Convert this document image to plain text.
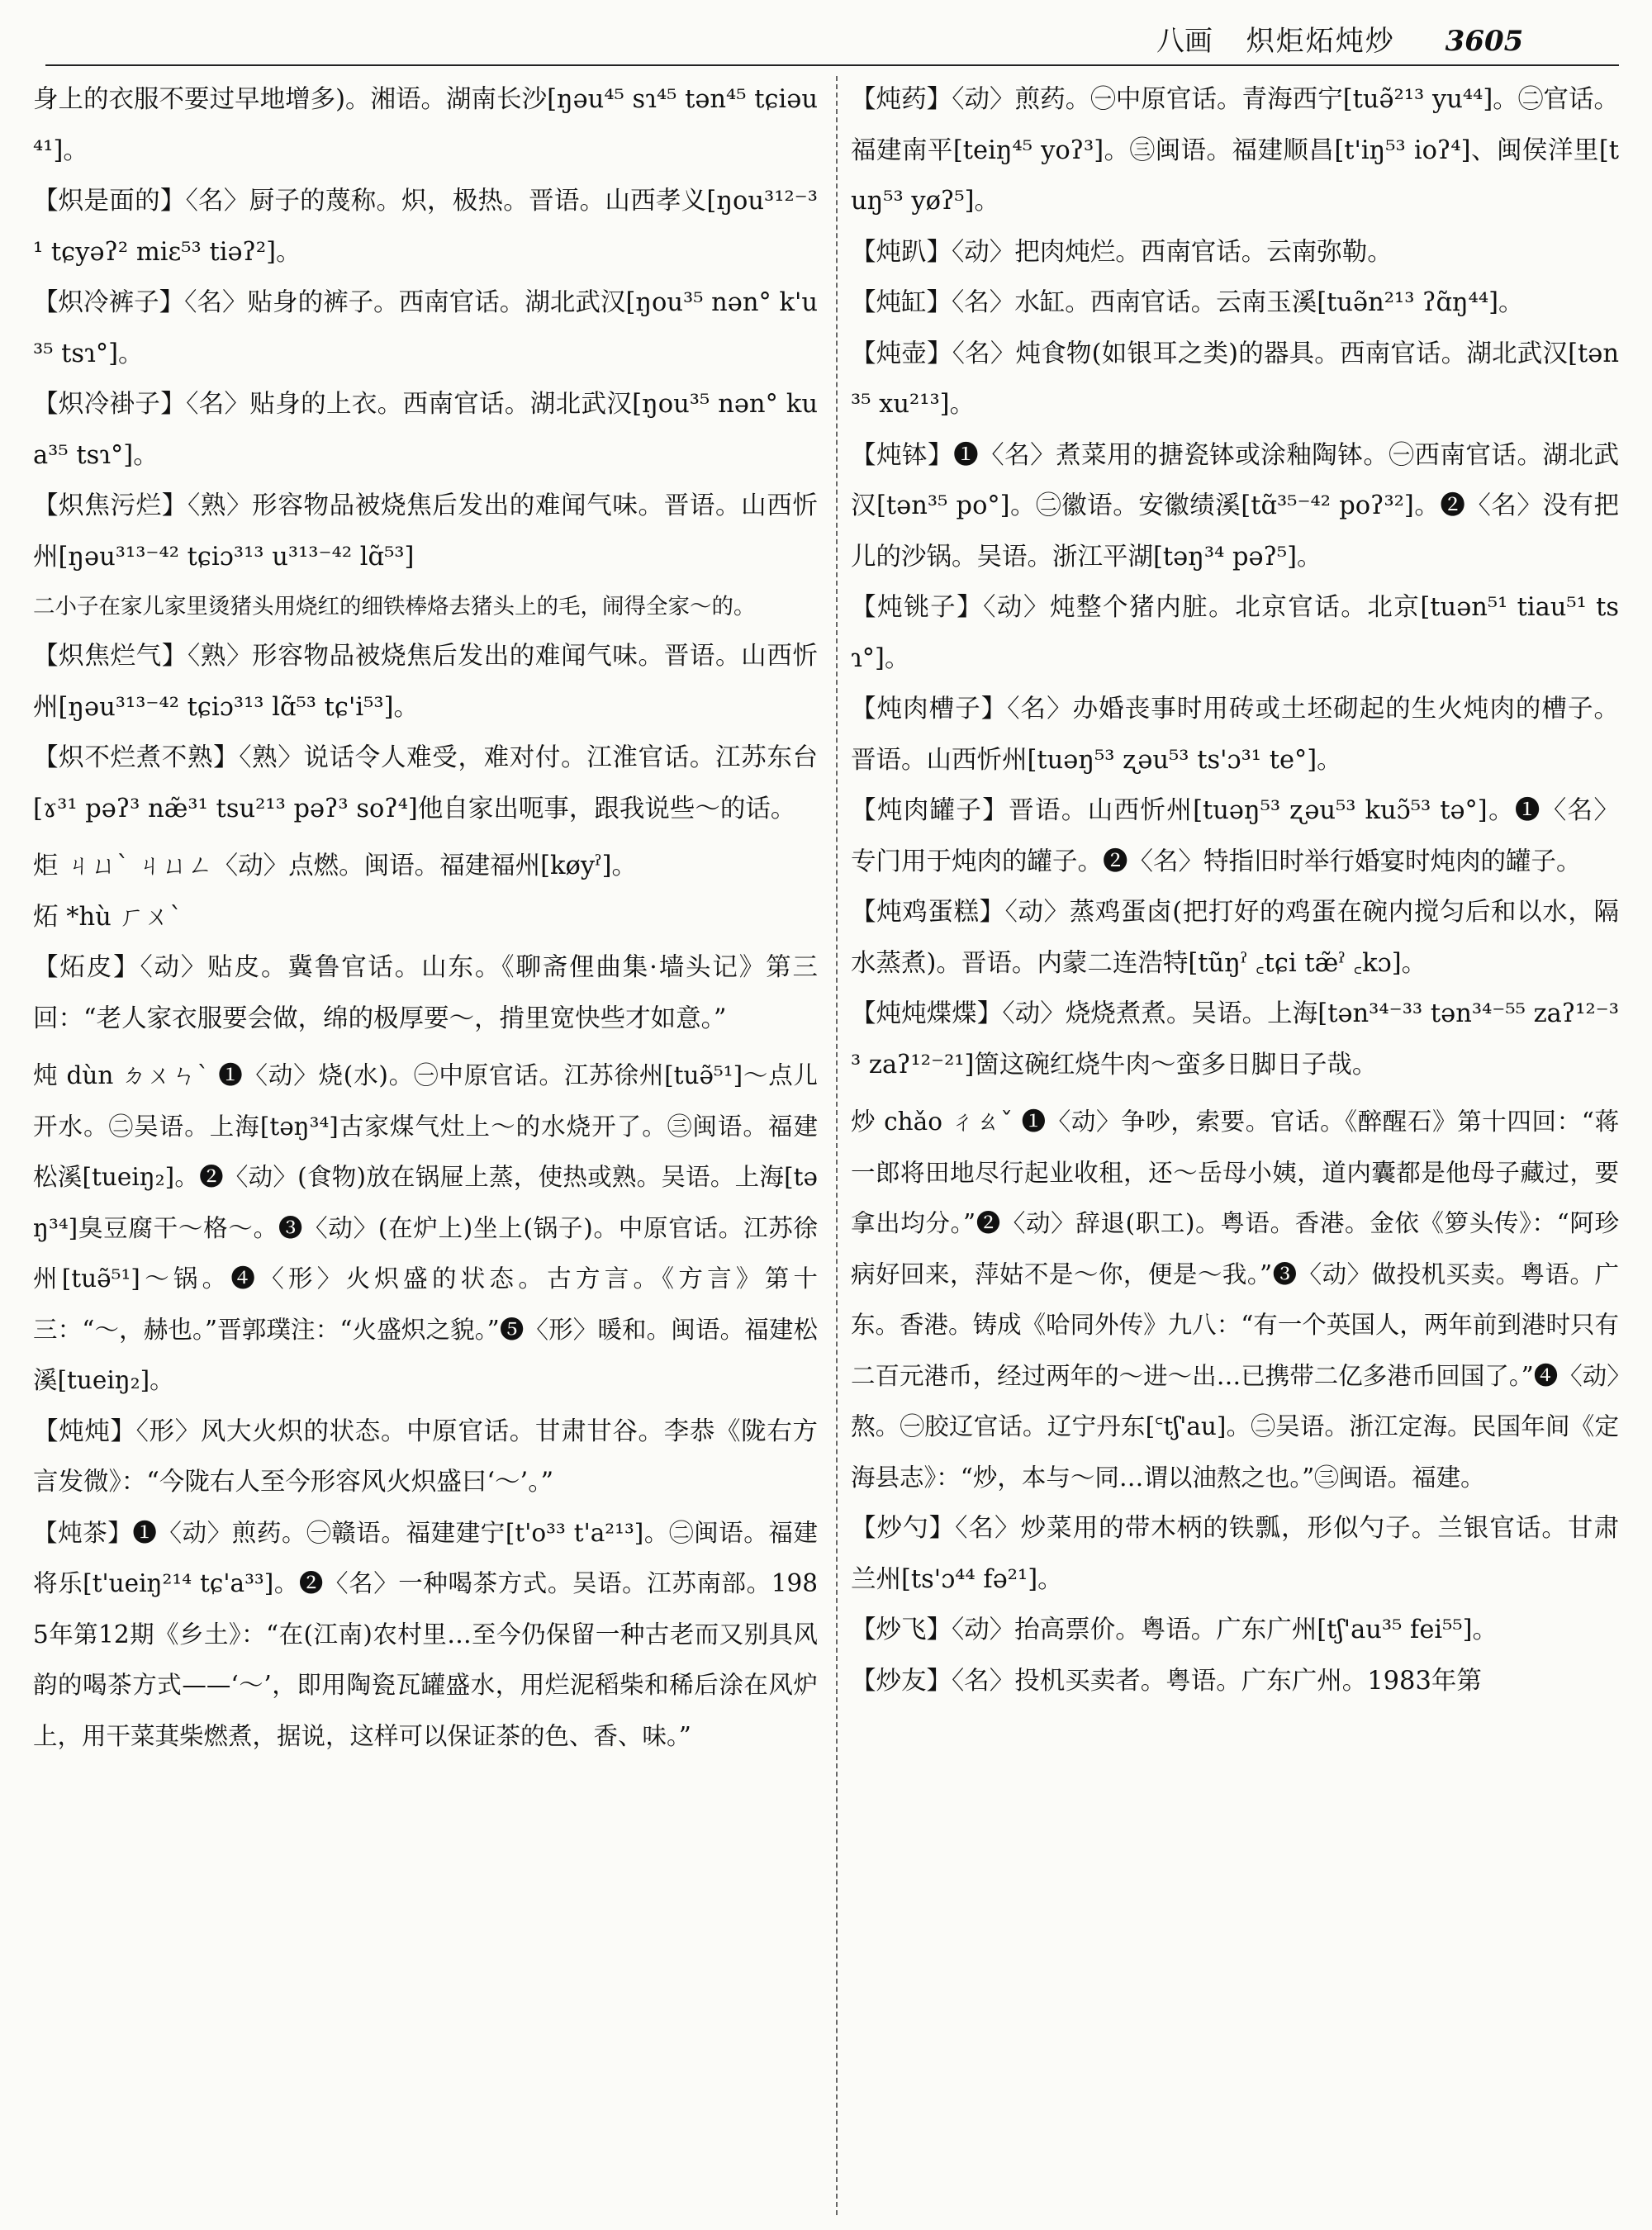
八画 炽炬炻炖炒 3605

身上的衣服不要过早地增多)。湘语。湖南长沙[ŋəu⁴⁵ sɿ⁴⁵ tən⁴⁵ tɕiəu⁴¹]。

【炽是面的】〈名〉厨子的蔑称。炽，极热。晋语。山西孝义[ŋou³¹²⁻³¹ tɕyəʔ² miɛ⁵³ tiəʔ²]。

【炽冷裤子】〈名〉贴身的裤子。西南官话。湖北武汉[ŋou³⁵ nən° k'u³⁵ tsɿ°]。

【炽冷褂子】〈名〉贴身的上衣。西南官话。湖北武汉[ŋou³⁵ nən° kua³⁵ tsɿ°]。

【炽焦污烂】〈熟〉形容物品被烧焦后发出的难闻气味。晋语。山西忻州[ŋəu³¹³⁻⁴² tɕiɔ³¹³ u³¹³⁻⁴² lɑ̃⁵³]

二小子在家儿家里烫猪头用烧红的细铁棒烙去猪头上的毛，闹得全家～的。

【炽焦烂气】〈熟〉形容物品被烧焦后发出的难闻气味。晋语。山西忻州[ŋəu³¹³⁻⁴² tɕiɔ³¹³ lɑ̃⁵³ tɕ'i⁵³]。

【炽不烂煮不熟】〈熟〉说话令人难受，难对付。江淮官话。江苏东台[ɤ³¹ pəʔ³ næ̃³¹ tsu²¹³ pəʔ³ soʔ⁴]他自家出呃事，跟我说些～的话。

炬 ㄐㄩˋ ㄐㄩㄥ〈动〉点燃。闽语。福建福州[køyˀ]。

炻 *hù ㄏㄨˋ

【炻皮】〈动〉贴皮。冀鲁官话。山东。《聊斋俚曲集·墙头记》第三回：“老人家衣服要会做，绵的极厚要～，掯里宽快些才如意。”

炖 dùn ㄉㄨㄣˋ ❶〈动〉烧(水)。㊀中原官话。江苏徐州[tuə̃⁵¹]～点儿开水。㊁吴语。上海[təŋ³⁴]古家煤气灶上～的水烧开了。㊂闽语。福建松溪[tueiŋ₂]。❷〈动〉(食物)放在锅屉上蒸，使热或熟。吴语。上海[təŋ³⁴]臭豆腐干～格～。❸〈动〉(在炉上)坐上(锅子)。中原官话。江苏徐州[tuə̃⁵¹]～锅。❹〈形〉火炽盛的状态。古方言。《方言》第十三：“～，赫也。”晋郭璞注：“火盛炽之貌。”❺〈形〉暖和。闽语。福建松溪[tueiŋ₂]。

【炖炖】〈形〉风大火炽的状态。中原官话。甘肃甘谷。李恭《陇右方言发微》：“今陇右人至今形容风火炽盛曰‘～’。”

【炖茶】❶〈动〉煎药。㊀赣语。福建建宁[t'o³³ t'a²¹³]。㊁闽语。福建将乐[t'ueiŋ²¹⁴ tɕ'a³³]。❷〈名〉一种喝茶方式。吴语。江苏南部。1985年第12期《乡土》：“在(江南)农村里…至今仍保留一种古老而又别具风韵的喝茶方式——‘～’，即用陶瓷瓦罐盛水，用烂泥稻柴和稀后涂在风炉上，用干菜萁柴燃煮，据说，这样可以保证茶的色、香、味。”

【炖药】〈动〉煎药。㊀中原官话。青海西宁[tuə̃²¹³ yu⁴⁴]。㊁官话。福建南平[teiŋ⁴⁵ yoʔ³]。㊂闽语。福建顺昌[t'iŋ⁵³ ioʔ⁴]、闽侯洋里[tuŋ⁵³ yøʔ⁵]。

【炖趴】〈动〉把肉炖烂。西南官话。云南弥勒。

【炖缸】〈名〉水缸。西南官话。云南玉溪[tuə̃n²¹³ ʔɑ̃ŋ⁴⁴]。

【炖壶】〈名〉炖食物(如银耳之类)的器具。西南官话。湖北武汉[tən³⁵ xu²¹³]。

【炖钵】❶〈名〉煮菜用的搪瓷钵或涂釉陶钵。㊀西南官话。湖北武汉[tən³⁵ po°]。㊁徽语。安徽绩溪[tɑ̃³⁵⁻⁴² poʔ³²]。❷〈名〉没有把儿的沙锅。吴语。浙江平湖[təŋ³⁴ pəʔ⁵]。

【炖铫子】〈动〉炖整个猪内脏。北京官话。北京[tuən⁵¹ tiau⁵¹ tsɿ°]。

【炖肉槽子】〈名〉办婚丧事时用砖或土坯砌起的生火炖肉的槽子。晋语。山西忻州[tuəŋ⁵³ ʐəu⁵³ ts'ɔ³¹ te°]。

【炖肉罐子】晋语。山西忻州[tuəŋ⁵³ ʐəu⁵³ kuɔ̃⁵³ tə°]。❶〈名〉专门用于炖肉的罐子。❷〈名〉特指旧时举行婚宴时炖肉的罐子。

【炖鸡蛋糕】〈动〉蒸鸡蛋卤(把打好的鸡蛋在碗内搅匀后和以水，隔水蒸煮)。晋语。内蒙二连浩特[tũŋˀ ꜀tɕi tæ̃ˀ ꜀kɔ]。

【炖炖煠煠】〈动〉烧烧煮煮。吴语。上海[tən³⁴⁻³³ tən³⁴⁻⁵⁵ zaʔ¹²⁻³³ zaʔ¹²⁻²¹]箇这碗红烧牛肉～蛮多日脚日子哉。

炒 chǎo ㄔㄠˇ ❶〈动〉争吵，索要。官话。《醉醒石》第十四回：“蒋一郎将田地尽行起业收租，还～岳母小姨，道内囊都是他母子藏过，要拿出均分。”❷〈动〉辞退(职工)。粤语。香港。金依《箩头传》：“阿珍病好回来，萍姑不是～你，便是～我。”❸〈动〉做投机买卖。粤语。广东。香港。铸成《哈同外传》九八：“有一个英国人，两年前到港时只有二百元港币，经过两年的～进～出…已携带二亿多港币回国了。”❹〈动〉熬。㊀胶辽官话。辽宁丹东[꜂tʃ'au]。㊁吴语。浙江定海。民国年间《定海县志》：“炒，本与～同…谓以油熬之也。”㊂闽语。福建。

【炒勺】〈名〉炒菜用的带木柄的铁瓢，形似勺子。兰银官话。甘肃兰州[ts'ɔ⁴⁴ fə²¹]。

【炒飞】〈动〉抬高票价。粤语。广东广州[tʃ'au³⁵ fei⁵⁵]。

【炒友】〈名〉投机买卖者。粤语。广东广州。1983年第
